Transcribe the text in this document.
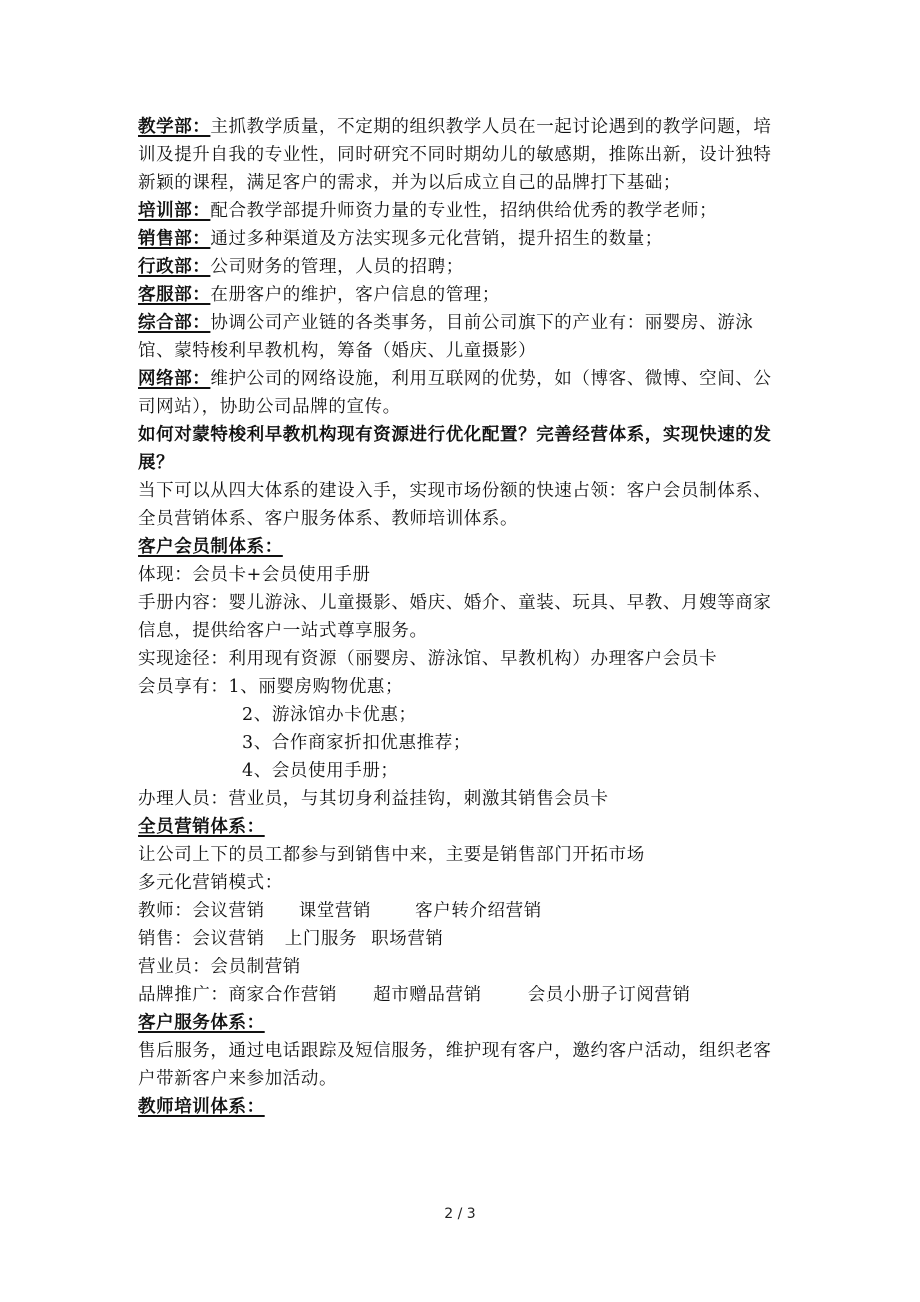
教学部：主抓教学质量，不定期的组织教学人员在一起讨论遇到的教学问题，培训及提升自我的专业性，同时研究不同时期幼儿的敏感期，推陈出新，设计独特新颖的课程，满足客户的需求，并为以后成立自己的品牌打下基础；

培训部：配合教学部提升师资力量的专业性，招纳供给优秀的教学老师；

销售部：通过多种渠道及方法实现多元化营销，提升招生的数量；

行政部：公司财务的管理，人员的招聘；

客服部：在册客户的维护，客户信息的管理；

综合部：协调公司产业链的各类事务，目前公司旗下的产业有：丽婴房、游泳馆、蒙特梭利早教机构，筹备（婚庆、儿童摄影）

网络部：维护公司的网络设施，利用互联网的优势，如（博客、微博、空间、公司网站），协助公司品牌的宣传。

如何对蒙特梭利早教机构现有资源进行优化配置？完善经营体系，实现快速的发展？

当下可以从四大体系的建设入手，实现市场份额的快速占领：客户会员制体系、全员营销体系、客户服务体系、教师培训体系。

客户会员制体系：

体现：会员卡+会员使用手册

手册内容：婴儿游泳、儿童摄影、婚庆、婚介、童装、玩具、早教、月嫂等商家信息，提供给客户一站式尊享服务。

实现途径：利用现有资源（丽婴房、游泳馆、早教机构）办理客户会员卡

会员享有：1、丽婴房购物优惠；

2、游泳馆办卡优惠；

3、合作商家折扣优惠推荐；

4、会员使用手册；

办理人员：营业员，与其切身利益挂钩，刺激其销售会员卡

全员营销体系：

让公司上下的员工都参与到销售中来，主要是销售部门开拓市场

多元化营销模式：

教师：会议营销 课堂营销	客户转介绍营销

销售：会议营销 上门服务 职场营销

营业员：会员制营销

品牌推广：商家合作营销 超市赠品营销	会员小册子订阅营销

客户服务体系：

售后服务，通过电话跟踪及短信服务，维护现有客户，邀约客户活动，组织老客户带新客户来参加活动。

教师培训体系：

2 / 3
